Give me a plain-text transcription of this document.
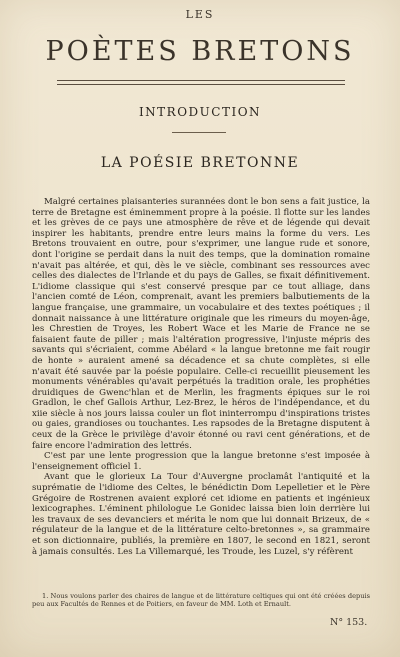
LES
POÈTES BRETONS
INTRODUCTION
LA POÉSIE BRETONNE

Malgré certaines plaisanteries surannées dont le bon sens a fait justice, la terre de Bretagne est éminemment propre à la poésie. Il flotte sur les landes et les grèves de ce pays une atmosphère de rêve et de légende qui devait inspirer les habitants, prendre entre leurs mains la forme du vers. Les Bretons trouvaient en outre, pour s'exprimer, une langue rude et sonore, dont l'origine se perdait dans la nuit des temps, que la domination romaine n'avait pas altérée, et qui, dès le ve siècle, combinant ses ressources avec celles des dialectes de l'Irlande et du pays de Galles, se fixait définitivement. L'idiome classique qui s'est conservé presque par ce tout alliage, dans l'ancien comté de Léon, comprenait, avant les premiers balbutiements de la langue française, une grammaire, un vocabulaire et des textes poétiques ; il donnait naissance à une littérature originale que les rimeurs du moyen-âge, les Chrestien de Troyes, les Robert Wace et les Marie de France ne se faisaient faute de piller ; mais l'altération progressive, l'injuste mépris des savants qui s'écriaient, comme Abélard « la langue bretonne me fait rougir de honte » auraient amené sa décadence et sa chute complètes, si elle n'avait été sauvée par la poésie populaire. Celle-ci recueillit pieusement les monuments vénérables qu'avait perpétués la tradition orale, les prophéties druidiques de Gwenc'hlan et de Merlin, les fragments épiques sur le roi Gradlon, le chef Gallois Arthur, Lez-Brez, le héros de l'indépendance, et du xiie siècle à nos jours laissa couler un flot ininterrompu d'inspirations tristes ou gaies, grandioses ou touchantes. Les rapsodes de la Bretagne disputent à ceux de la Grèce le privilège d'avoir étonné ou ravi cent générations, et de faire encore l'admiration des lettrés.

C'est par une lente progression que la langue bretonne s'est imposée à l'enseignement officiel 1.

Avant que le glorieux La Tour d'Auvergne proclamât l'antiquité et la suprématie de l'idiome des Celtes, le bénédictin Dom Lepelletier et le Père Grégoire de Rostrenen avaient exploré cet idiome en patients et ingénieux lexicographes. L'éminent philologue Le Gonidec laissa bien loin derrière lui les travaux de ses devanciers et mérita le nom que lui donnait Brizeux, de « régulateur de la langue et de la littérature celto-bretonnes », sa grammaire et son dictionnaire, publiés, la première en 1807, le second en 1821, seront à jamais consultés. Les La Villemarqué, les Troude, les Luzel, s'y réfèrent

1. Nous voulons parler des chaires de langue et de littérature celtiques qui ont été créées depuis peu aux Facultés de Rennes et de Poitiers, en faveur de MM. Loth et Ernault.
N° 153.
